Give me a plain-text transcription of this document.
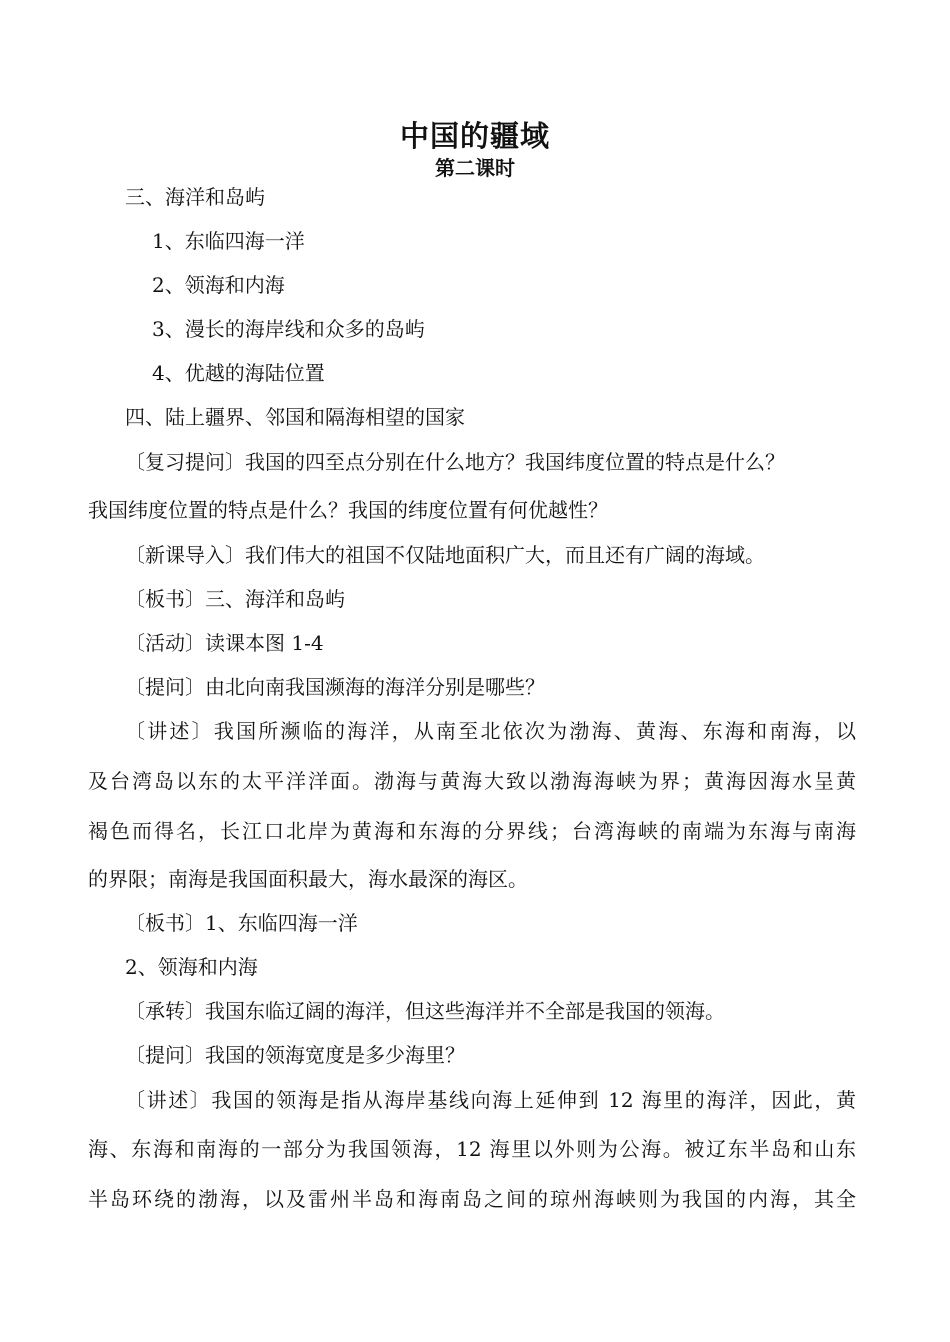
中国的疆域
第二课时
三、海洋和岛屿
1、东临四海一洋
2、领海和内海
3、漫长的海岸线和众多的岛屿
4、优越的海陆位置
四、陆上疆界、邻国和隔海相望的国家
〔复习提问〕我国的四至点分别在什么地方？我国纬度位置的特点是什么？
我国纬度位置的特点是什么？我国的纬度位置有何优越性？
〔新课导入〕我们伟大的祖国不仅陆地面积广大，而且还有广阔的海域。
〔板书〕三、海洋和岛屿
〔活动〕读课本图 1-4
〔提问〕由北向南我国濒海的海洋分别是哪些？
〔讲述〕我国所濒临的海洋，从南至北依次为渤海、黄海、东海和南海，以
及台湾岛以东的太平洋洋面。渤海与黄海大致以渤海海峡为界；黄海因海水呈黄
褐色而得名，长江口北岸为黄海和东海的分界线；台湾海峡的南端为东海与南海
的界限；南海是我国面积最大，海水最深的海区。
〔板书〕1、东临四海一洋
2、领海和内海
〔承转〕我国东临辽阔的海洋，但这些海洋并不全部是我国的领海。
〔提问〕我国的领海宽度是多少海里？
〔讲述〕我国的领海是指从海岸基线向海上延伸到 12 海里的海洋，因此，黄
海、东海和南海的一部分为我国领海，12 海里以外则为公海。被辽东半岛和山东
半岛环绕的渤海，以及雷州半岛和海南岛之间的琼州海峡则为我国的内海，其全
